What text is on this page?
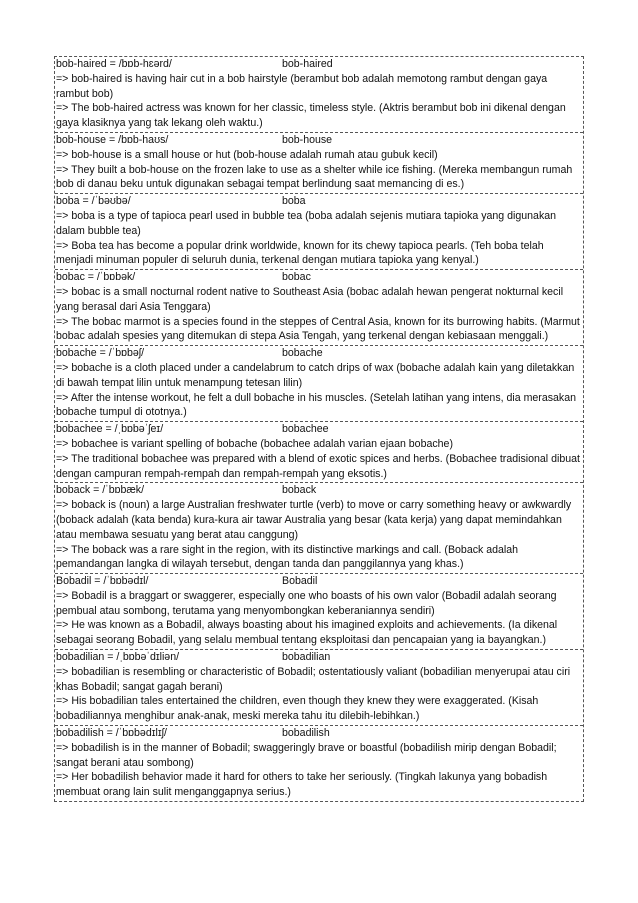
bob-haired = /bɒb-hɛərd/	bob-haired

=> bob-haired is having hair cut in a bob hairstyle (berambut bob adalah memotong rambut dengan gaya rambut bob)

=> The bob-haired actress was known for her classic, timeless style. (Aktris berambut bob ini dikenal dengan gaya klasiknya yang tak lekang oleh waktu.)

bob-house = /bɒb-haʊs/	bob-house

=> bob-house is a small house or hut (bob-house adalah rumah atau gubuk kecil)

=> They built a bob-house on the frozen lake to use as a shelter while ice fishing. (Mereka membangun rumah bob di danau beku untuk digunakan sebagai tempat berlindung saat memancing di es.)

boba = /ˈbəʊbə/	boba

=> boba is a type of tapioca pearl used in bubble tea (boba adalah sejenis mutiara tapioka yang digunakan dalam bubble tea)

=> Boba tea has become a popular drink worldwide, known for its chewy tapioca pearls. (Teh boba telah menjadi minuman populer di seluruh dunia, terkenal dengan mutiara tapioka yang kenyal.)

bobac = /ˈbɒbək/	bobac

=> bobac is a small nocturnal rodent native to Southeast Asia (bobac adalah hewan pengerat nokturnal kecil yang berasal dari Asia Tenggara)

=> The bobac marmot is a species found in the steppes of Central Asia, known for its burrowing habits. (Marmut bobac adalah spesies yang ditemukan di stepa Asia Tengah, yang terkenal dengan kebiasaan menggali.)

bobache = /ˈbɒbəʃ/	bobache

=> bobache is a cloth placed under a candelabrum to catch drips of wax (bobache adalah kain yang diletakkan di bawah tempat lilin untuk menampung tetesan lilin)

=> After the intense workout, he felt a dull bobache in his muscles. (Setelah latihan yang intens, dia merasakan bobache tumpul di ototnya.)

bobachee = /ˌbɒbəˈʃeɪ/	bobachee

=> bobachee is variant spelling of bobache (bobachee adalah varian ejaan bobache)

=> The traditional bobachee was prepared with a blend of exotic spices and herbs. (Bobachee tradisional dibuat dengan campuran rempah-rempah dan rempah-rempah yang eksotis.)

boback = /ˈbɒbæk/	boback

=> boback is (noun) a large Australian freshwater turtle (verb) to move or carry something heavy or awkwardly (boback adalah (kata benda) kura-kura air tawar Australia yang besar (kata kerja) yang dapat memindahkan atau membawa sesuatu yang berat atau canggung)

=> The boback was a rare sight in the region, with its distinctive markings and call. (Boback adalah pemandangan langka di wilayah tersebut, dengan tanda dan panggilannya yang khas.)

Bobadil = /ˈbɒbədɪl/	Bobadil

=> Bobadil is a braggart or swaggerer, especially one who boasts of his own valor (Bobadil adalah seorang pembual atau sombong, terutama yang menyombongkan keberaniannya sendiri)

=> He was known as a Bobadil, always boasting about his imagined exploits and achievements. (Ia dikenal sebagai seorang Bobadil, yang selalu membual tentang eksploitasi dan pencapaian yang ia bayangkan.)

bobadilian = /ˌbɒbəˈdɪliən/	bobadilian

=> bobadilian is resembling or characteristic of Bobadil; ostentatiously valiant (bobadilian menyerupai atau ciri khas Bobadil; sangat gagah berani)

=> His bobadilian tales entertained the children, even though they knew they were exaggerated. (Kisah bobadiliannya menghibur anak-anak, meski mereka tahu itu dilebih-lebihkan.)

bobadilish = /ˈbɒbədɪlɪʃ/	bobadilish

=> bobadilish is in the manner of Bobadil; swaggeringly brave or boastful (bobadilish mirip dengan Bobadil; sangat berani atau sombong)

=> Her bobadilish behavior made it hard for others to take her seriously. (Tingkah lakunya yang bobadish membuat orang lain sulit menganggapnya serius.)
